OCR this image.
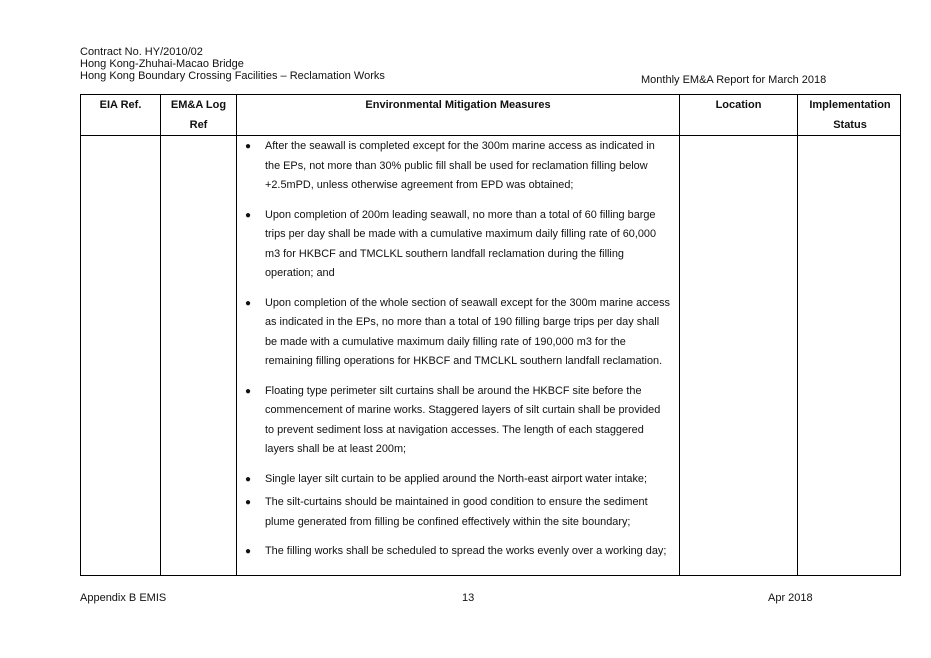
Contract No. HY/2010/02
Hong Kong-Zhuhai-Macao Bridge
Hong Kong Boundary Crossing Facilities – Reclamation Works	Monthly EM&A Report for March 2018
EIA Ref.	EM&A Log
Ref
Environmental Mitigation Measures	Location	Implementation
Status
● After the seawall is completed except for the 300m marine access as indicated in the EPs, not more than 30% public fill shall be used for reclamation filling below +2.5mPD, unless otherwise agreement from EPD was obtained;
● Upon completion of 200m leading seawall, no more than a total of 60 filling barge trips per day shall be made with a cumulative maximum daily filling rate of 60,000 m3 for HKBCF and TMCLKL southern landfall reclamation during the filling operation; and
● Upon completion of the whole section of seawall except for the 300m marine access as indicated in the EPs, no more than a total of 190 filling barge trips per day shall be made with a cumulative maximum daily filling rate of 190,000 m3 for the remaining filling operations for HKBCF and TMCLKL southern landfall reclamation.
● Floating type perimeter silt curtains shall be around the HKBCF site before the commencement of marine works. Staggered layers of silt curtain shall be provided to prevent sediment loss at navigation accesses. The length of each staggered layers shall be at least 200m;
● Single layer silt curtain to be applied around the North-east airport water intake;
● The silt-curtains should be maintained in good condition to ensure the sediment plume generated from filling be confined effectively within the site boundary;
● The filling works shall be scheduled to spread the works evenly over a working day;
Appendix B EMIS	13	Apr 2018
